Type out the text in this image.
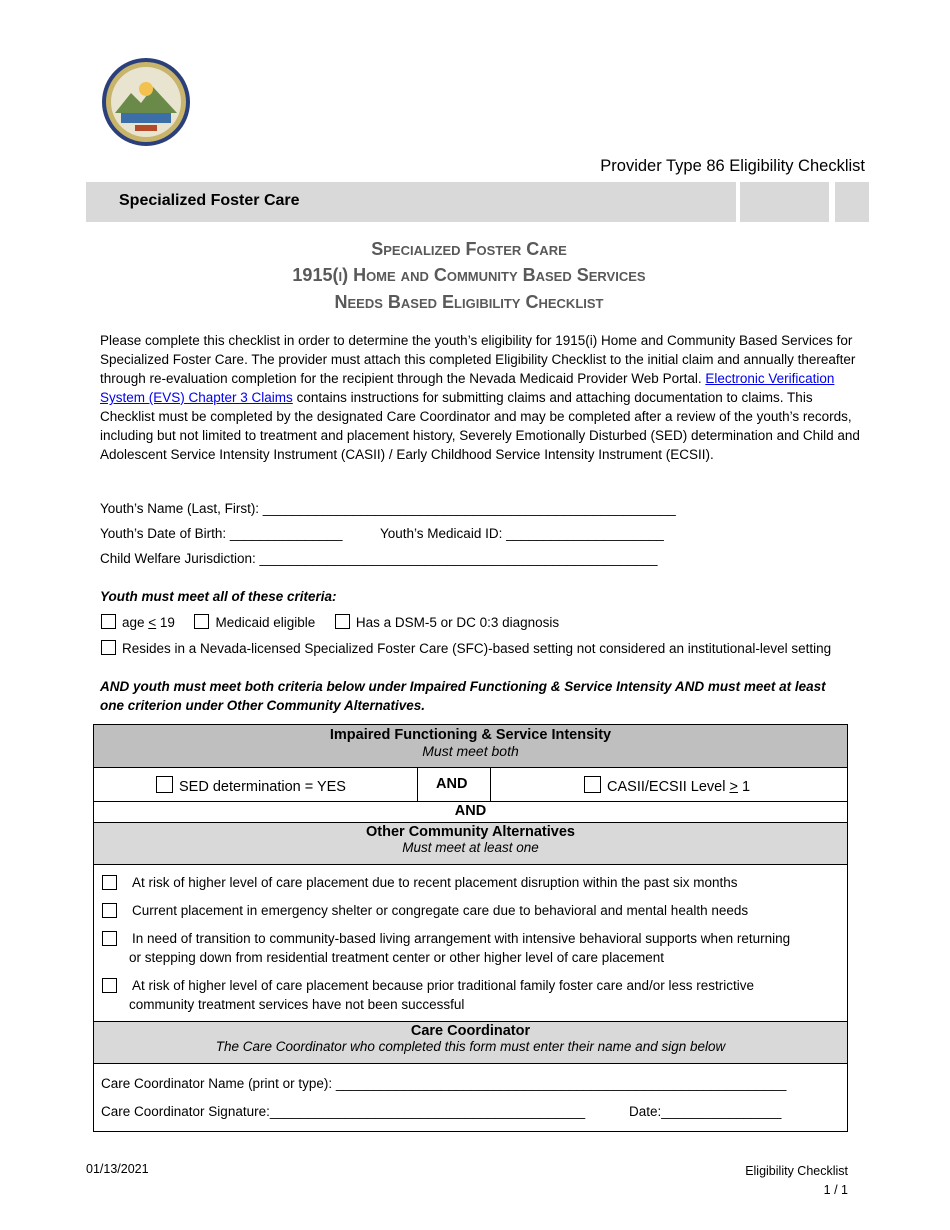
Provider Type 86 Eligibility Checklist
Specialized Foster Care
Specialized Foster Care
1915(i) Home and Community Based Services
Needs Based Eligibility Checklist
Please complete this checklist in order to determine the youth’s eligibility for 1915(i) Home and Community Based Services for Specialized Foster Care. The provider must attach this completed Eligibility Checklist to the initial claim and annually thereafter through re-evaluation completion for the recipient through the Nevada Medicaid Provider Web Portal. Electronic Verification System (EVS) Chapter 3 Claims contains instructions for submitting claims and attaching documentation to claims. This Checklist must be completed by the designated Care Coordinator and may be completed after a review of the youth’s records, including but not limited to treatment and placement history, Severely Emotionally Disturbed (SED) determination and Child and Adolescent Service Intensity Instrument (CASII) / Early Childhood Service Intensity Instrument (ECSII).
Youth’s Name (Last, First): _______________________________________________________
Youth’s Date of Birth: _______________	Youth’s Medicaid ID: _____________________
Child Welfare Jurisdiction: _____________________________________________________
Youth must meet all of these criteria:
age < 19	Medicaid eligible	Has a DSM-5 or DC 0:3 diagnosis
Resides in a Nevada-licensed Specialized Foster Care (SFC)-based setting not considered an institutional-level setting
AND youth must meet both criteria below under Impaired Functioning & Service Intensity AND must meet at least one criterion under Other Community Alternatives.
Impaired Functioning & Service Intensity
Must meet both
SED determination = YES	AND	CASII/ECSII Level > 1
AND
Other Community Alternatives
Must meet at least one
At risk of higher level of care placement due to recent placement disruption within the past six months
Current placement in emergency shelter or congregate care due to behavioral and mental health needs
In need of transition to community-based living arrangement with intensive behavioral supports when returning
or stepping down from residential treatment center or other higher level of care placement
At risk of higher level of care placement because prior traditional family foster care and/or less restrictive
community treatment services have not been successful
Care Coordinator
The Care Coordinator who completed this form must enter their name and sign below
Care Coordinator Name (print or type): ____________________________________________________________
Care Coordinator Signature:__________________________________________	Date:________________
01/13/2021	Eligibility Checklist
1 / 1
